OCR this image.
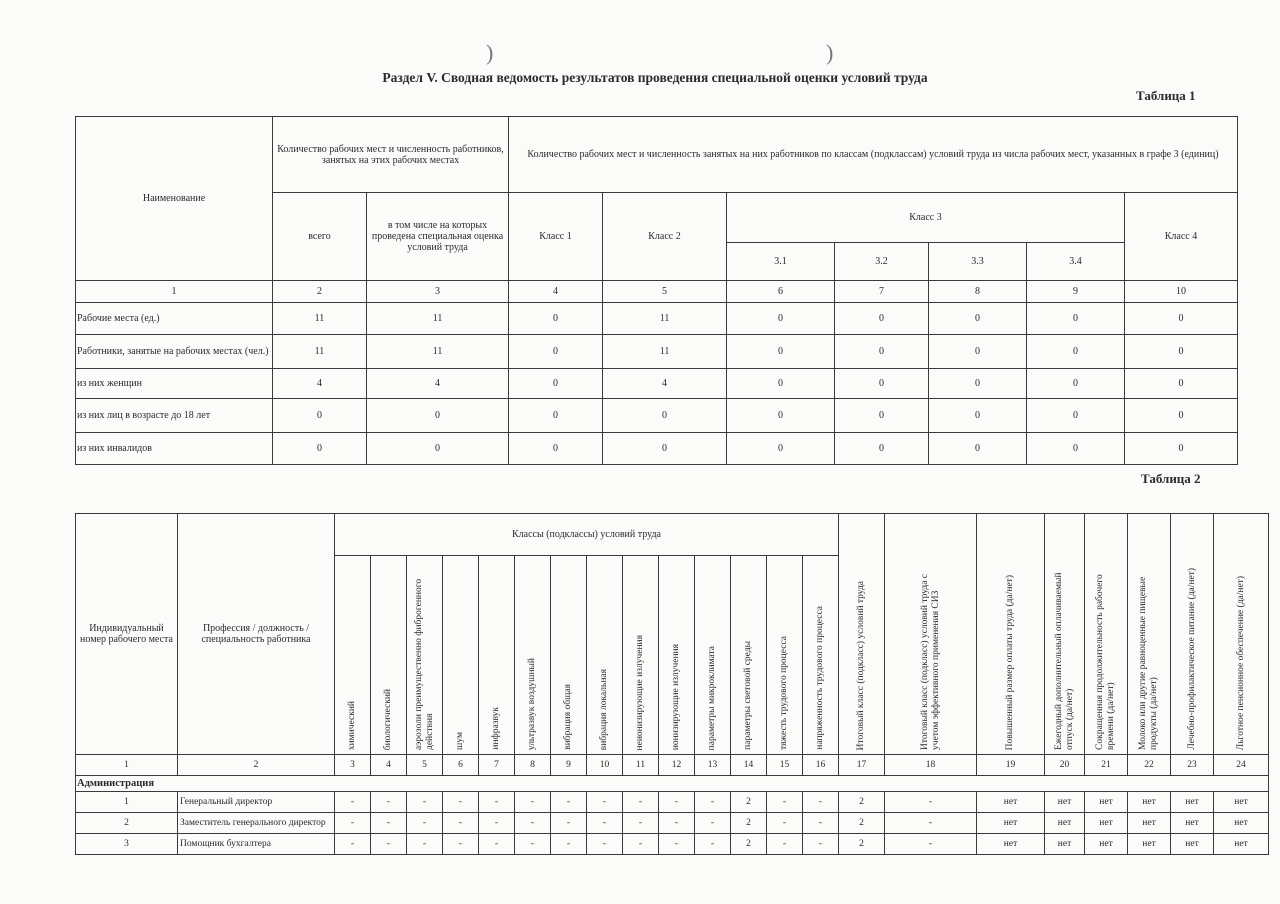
)	)
Раздел V. Сводная ведомость результатов проведения специальной оценки условий труда
Таблица 1
Наименование	Количество рабочих мест и численность работников, занятых на этих рабочих местах		Количество рабочих мест и численность занятых на них работников по классам (подклассам) условий труда из числа рабочих мест, указанных в графе 3 (единиц)						
	всего	в том числе на которых проведена специальная оценка условий труда	Класс 1	Класс 2	Класс 3				Класс 4
					3.1	3.2	3.3	3.4	
1	2	3	4	5	6	7	8	9	10
Рабочие места (ед.)	11	11	0	11	0	0	0	0	0
Работники, занятые на рабочих местах (чел.)	11	11	0	11	0	0	0	0	0
из них женщин	4	4	0	4	0	0	0	0	0
из них лиц в возрасте до 18 лет	0	0	0	0	0	0	0	0	0
из них инвалидов	0	0	0	0	0	0	0	0	0
Таблица 2
Индивидуальный номер рабочего места	Профессия / должность / специальность работника	Классы (подклассы) условий труда														Итоговый класс (подкласс) условий труда	Итоговый класс (подкласс) условий труда с учетом эффективного применения СИЗ	Повышенный размер оплаты труда (да/нет)	Ежегодный дополнительный оплачиваемый отпуск (да/нет)	Сокращенная продолжительность рабочего времени (да/нет)	Молоко или другие равноценные пищевые продукты (да/нет)	Лечебно-профилактическое питание (да/нет)	Льготное пенсионное обеспечение (да/нет)

		химический	биологический	аэрозоли преимущественно фиброгенного действия	шум	инфразвук	ультразвук воздушный	вибрация общая	вибрация локальная	неионизирующие излучения	ионизирующие излучения	параметры микроклимата	параметры световой среды	тяжесть трудового процесса	напряженность трудового процесса								

1	2	3	4	5	6	7	8	9	10	11	12	13	14	15	16	17	18	19	20	21	22	23	24
Администрация																							
1	Генеральный директор	-	-	-	-	-	-	-	-	-	-	-	2	-	-	2	-	нет	нет	нет	нет	нет	нет
2	Заместитель генерального директор	-	-	-	-	-	-	-	-	-	-	-	2	-	-	2	-	нет	нет	нет	нет	нет	нет
3	Помощник бухгалтера	-	-	-	-	-	-	-	-	-	-	-	2	-	-	2	-	нет	нет	нет	нет	нет	нет
